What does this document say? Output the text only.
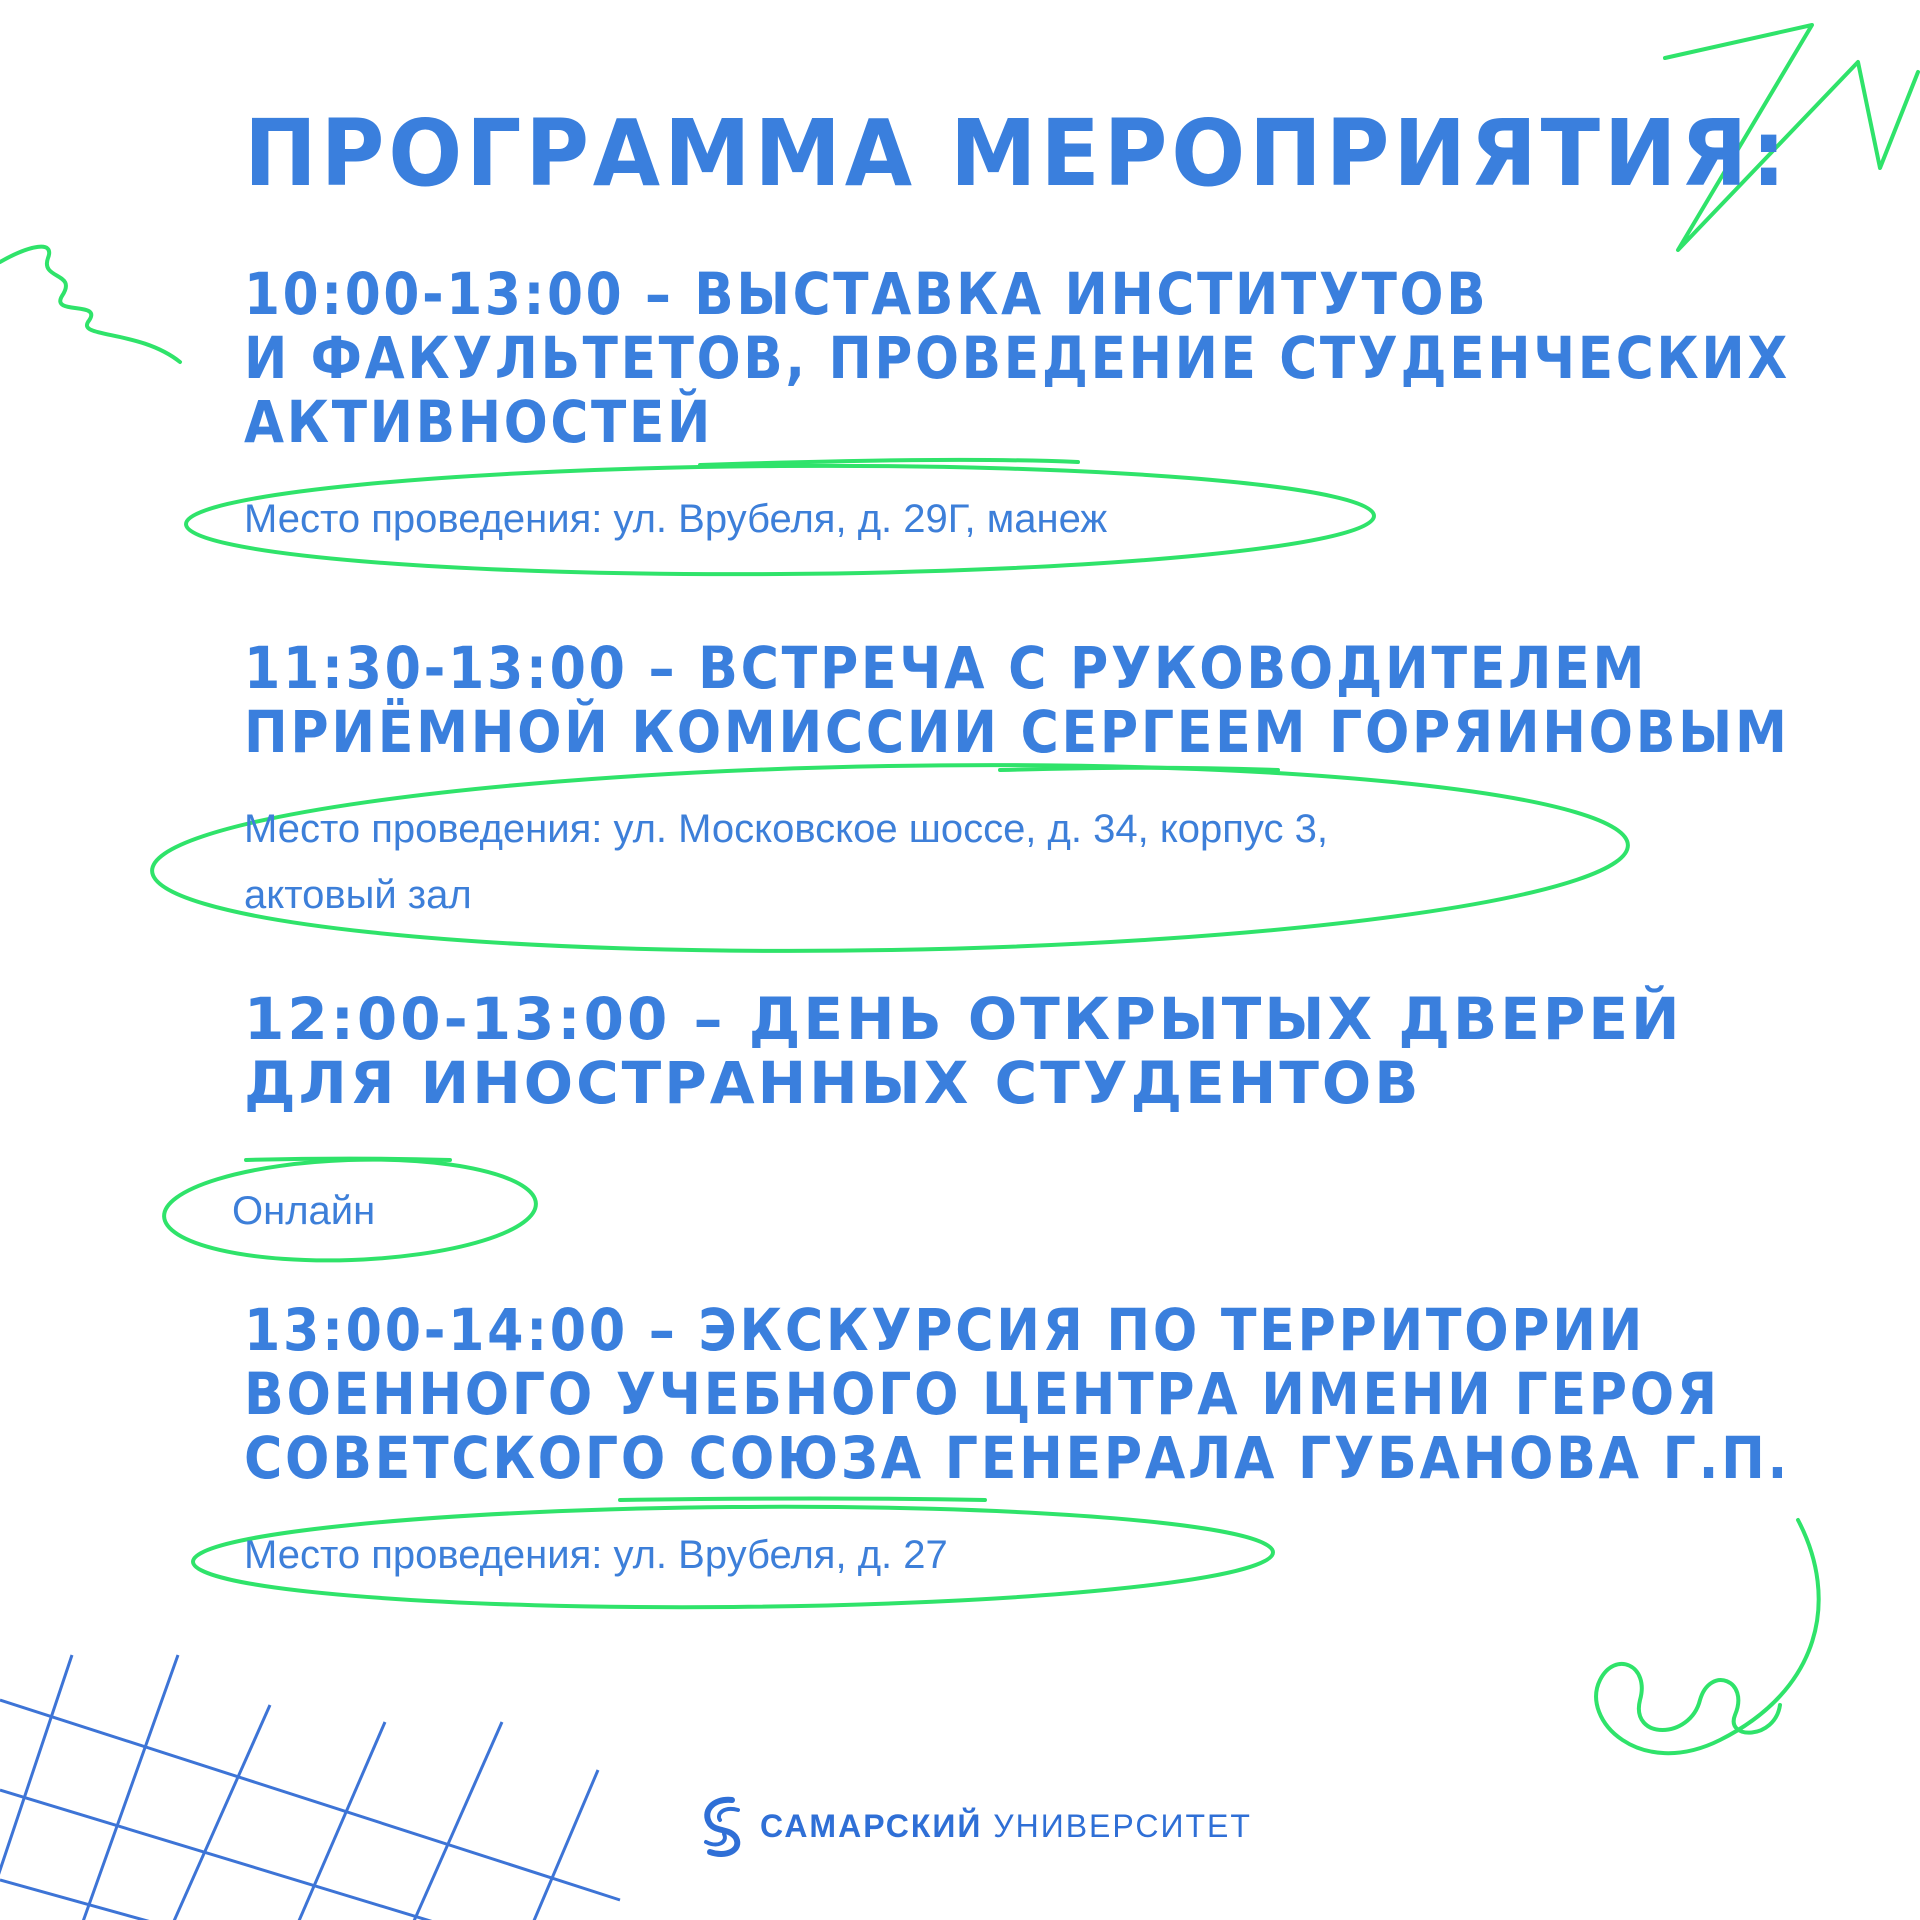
ПРОГРАММА МЕРОПРИЯТИЯ:
10:00-13:00 – ВЫСТАВКА ИНСТИТУТОВ
И ФАКУЛЬТЕТОВ, ПРОВЕДЕНИЕ СТУДЕНЧЕСКИХ
АКТИВНОСТЕЙ

Место проведения: ул. Врубеля, д. 29Г, манеж

11:30-13:00 – ВСТРЕЧА С РУКОВОДИТЕЛЕМ
ПРИЁМНОЙ КОМИССИИ СЕРГЕЕМ ГОРЯИНОВЫМ
Место проведения: ул. Московское шоссе, д. 34, корпус 3,
актовый зал
12:00-13:00 – ДЕНЬ ОТКРЫТЫХ ДВЕРЕЙ
ДЛЯ ИНОСТРАННЫХ СТУДЕНТОВ

Онлайн

13:00-14:00 – ЭКСКУРСИЯ ПО ТЕРРИТОРИИ
ВОЕННОГО УЧЕБНОГО ЦЕНТРА ИМЕНИ ГЕРОЯ
СОВЕТСКОГО СОЮЗА ГЕНЕРАЛА ГУБАНОВА Г.П.

Место проведения: ул. Врубеля, д. 27

САМАРСКИЙ УНИВЕРСИТЕТ
